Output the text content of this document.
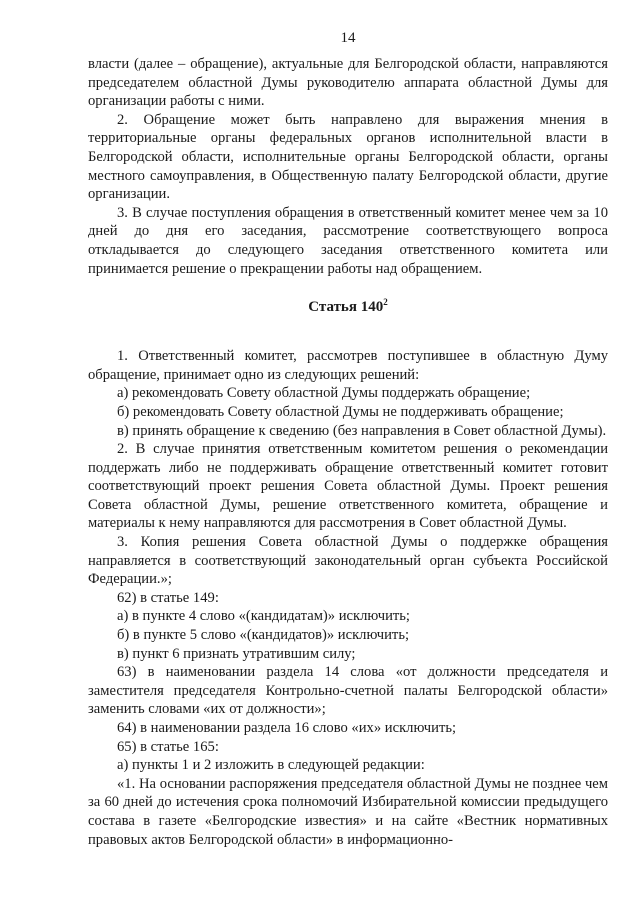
14

власти (далее – обращение), актуальные для Белгородской области, направляются председателем областной Думы руководителю аппарата областной Думы для организации работы с ними.

2. Обращение может быть направлено для выражения мнения в территориальные органы федеральных органов исполнительной власти в Белгородской области, исполнительные органы Белгородской области, органы местного самоуправления, в Общественную палату Белгородской области, другие организации.

3. В случае поступления обращения в ответственный комитет менее чем за 10 дней до дня его заседания, рассмотрение соответствующего вопроса откладывается до следующего заседания ответственного комитета или принимается решение о прекращении работы над обращением.

Статья $140^2$

1. Ответственный комитет, рассмотрев поступившее в областную Думу обращение, принимает одно из следующих решений:

а) рекомендовать Совету областной Думы поддержать обращение;

б) рекомендовать Совету областной Думы не поддерживать обращение;

в) принять обращение к сведению (без направления в Совет областной Думы).

2. В случае принятия ответственным комитетом решения о рекомендации поддержать либо не поддерживать обращение ответственный комитет готовит соответствующий проект решения Совета областной Думы. Проект решения Совета областной Думы, решение ответственного комитета, обращение и материалы к нему направляются для рассмотрения в Совет областной Думы.

3. Копия решения Совета областной Думы о поддержке обращения направляется в соответствующий законодательный орган субъекта Российской Федерации.»;

62) в статье 149:

а) в пункте 4 слово «(кандидатам)» исключить;

б) в пункте 5 слово «(кандидатов)» исключить;

в) пункт 6 признать утратившим силу;

63) в наименовании раздела 14 слова «от должности председателя и заместителя председателя Контрольно-счетной палаты Белгородской области» заменить словами «их от должности»;

64) в наименовании раздела 16 слово «их» исключить;

65) в статье 165:

а) пункты 1 и 2 изложить в следующей редакции:

«1. На основании распоряжения председателя областной Думы не позднее чем за 60 дней до истечения срока полномочий Избирательной комиссии предыдущего состава в газете «Белгородские известия» и на сайте «Вестник нормативных правовых актов Белгородской области» в информационно-
